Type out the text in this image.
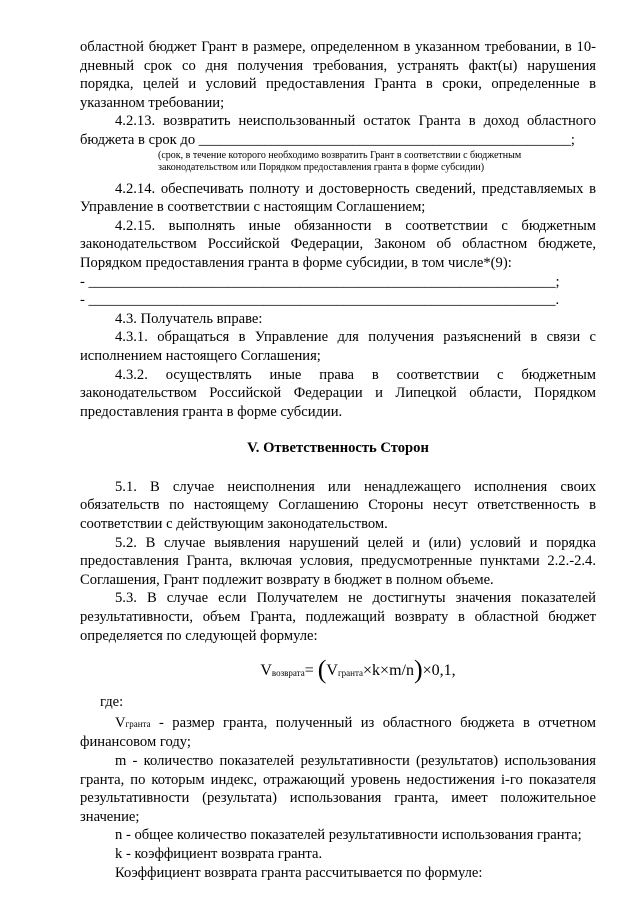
областной бюджет Грант в размере, определенном в указанном требовании, в 10-дневный срок со дня получения требования, устранять факт(ы) нарушения порядка, целей и условий предоставления Гранта в сроки, определенные в указанном требовании;

4.2.13. возвратить неиспользованный остаток Гранта в доход областного бюджета в срок до ___________________________________________________;

(срок, в течение которого необходимо возвратить Грант в соответствии с бюджетным законодательством или Порядком предоставления гранта в форме субсидии)

4.2.14. обеспечивать полноту и достоверность сведений, представляемых в Управление в соответствии с настоящим Соглашением;

4.2.15. выполнять иные обязанности в соответствии с бюджетным законодательством Российской Федерации, Законом об областном бюджете, Порядком предоставления гранта в форме субсидии, в том числе*(9):

- ________________________________________________________________;

- ________________________________________________________________.

4.3. Получатель вправе:

4.3.1. обращаться в Управление для получения разъяснений в связи с исполнением настоящего Соглашения;

4.3.2. осуществлять иные права в соответствии с бюджетным законодательством Российской Федерации и Липецкой области, Порядком предоставления гранта в форме субсидии.

V. Ответственность Сторон

5.1. В случае неисполнения или ненадлежащего исполнения своих обязательств по настоящему Соглашению Стороны несут ответственность в соответствии с действующим законодательством.

5.2. В случае выявления нарушений целей и (или) условий и порядка предоставления Гранта, включая условия, предусмотренные пунктами 2.2.-2.4. Соглашения, Грант подлежит возврату в бюджет в полном объеме.

5.3. В случае если Получателем не достигнуты значения показателей результативности, объем Гранта, подлежащий возврату в областной бюджет определяется по следующей формуле:

$V_{возврата}= (V_{гранта}\times k\times m/n)\times 0,1$,

где:

Vгранта - размер гранта, полученный из областного бюджета в отчетном финансовом году;

m - количество показателей результативности (результатов) использования гранта, по которым индекс, отражающий уровень недостижения i-го показателя результативности (результата) использования гранта, имеет положительное значение;

n - общее количество показателей результативности использования гранта;

k - коэффициент возврата гранта.

Коэффициент возврата гранта рассчитывается по формуле:
